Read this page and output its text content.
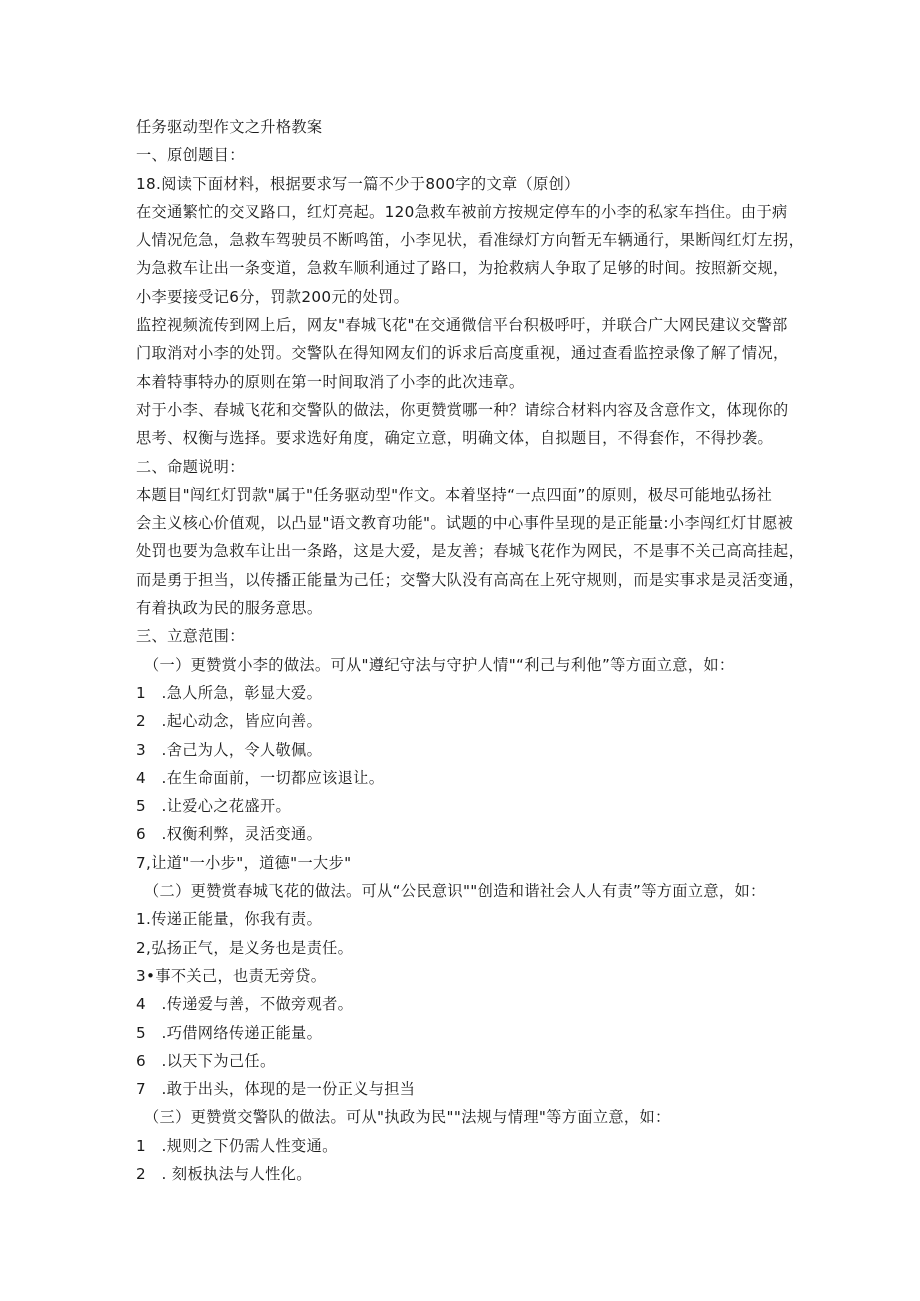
任务驱动型作文之升格教案
一、原创题目：
18.阅读下面材料，根据要求写一篇不少于800字的文章（原创）
在交通繁忙的交叉路口，红灯亮起。120急救车被前方按规定停车的小李的私家车挡住。由于病
人情况危急，急救车驾驶员不断鸣笛，小李见状，看准绿灯方向暂无车辆通行，果断闯红灯左拐，
为急救车让出一条变道，急救车顺利通过了路口，为抢救病人争取了足够的时间。按照新交规，
小李要接受记6分，罚款200元的处罚。
监控视频流传到网上后，网友"春城飞花"在交通微信平台积极呼吁，并联合广大网民建议交警部
门取消对小李的处罚。交警队在得知网友们的诉求后高度重视，通过查看监控录像了解了情况，
本着特事特办的原则在第一时间取消了小李的此次违章。
对于小李、春城飞花和交警队的做法，你更赞赏哪一种？请综合材料内容及含意作文，体现你的
思考、权衡与选择。要求选好角度，确定立意，明确文体，自拟题目，不得套作，不得抄袭。
二、命题说明：
本题目"闯红灯罚款"属于"任务驱动型"作文。本着坚持“一点四面”的原则，极尽可能地弘扬社
会主义核心价值观，以凸显"语文教育功能"。试题的中心事件呈现的是正能量:小李闯红灯甘愿被
处罚也要为急救车让出一条路，这是大爱，是友善；春城飞花作为网民，不是事不关己高高挂起，
而是勇于担当，以传播正能量为己任；交警大队没有高高在上死守规则，而是实事求是灵活变通，
有着执政为民的服务意思。
三、立意范围：
（一）更赞赏小李的做法。可从"遵纪守法与守护人情"“利己与利他”等方面立意，如：
1　.急人所急，彰显大爱。
2　.起心动念，皆应向善。
3　.舍己为人，令人敬佩。
4　.在生命面前，一切都应该退让。
5　.让爱心之花盛开。
6　.权衡利弊，灵活变通。
7,让道"一小步"，道德"一大步"
（二）更赞赏春城飞花的做法。可从“公民意识""创造和谐社会人人有责”等方面立意，如：
1.传递正能量，你我有责。
2,弘扬正气，是义务也是责任。
3•事不关己，也责无旁贷。
4　.传递爱与善，不做旁观者。
5　.巧借网络传递正能量。
6　.以天下为己任。
7　.敢于出头，体现的是一份正义与担当
（三）更赞赏交警队的做法。可从"执政为民""法规与情理"等方面立意，如：
1　.规则之下仍需人性变通。
2　. 刻板执法与人性化。
